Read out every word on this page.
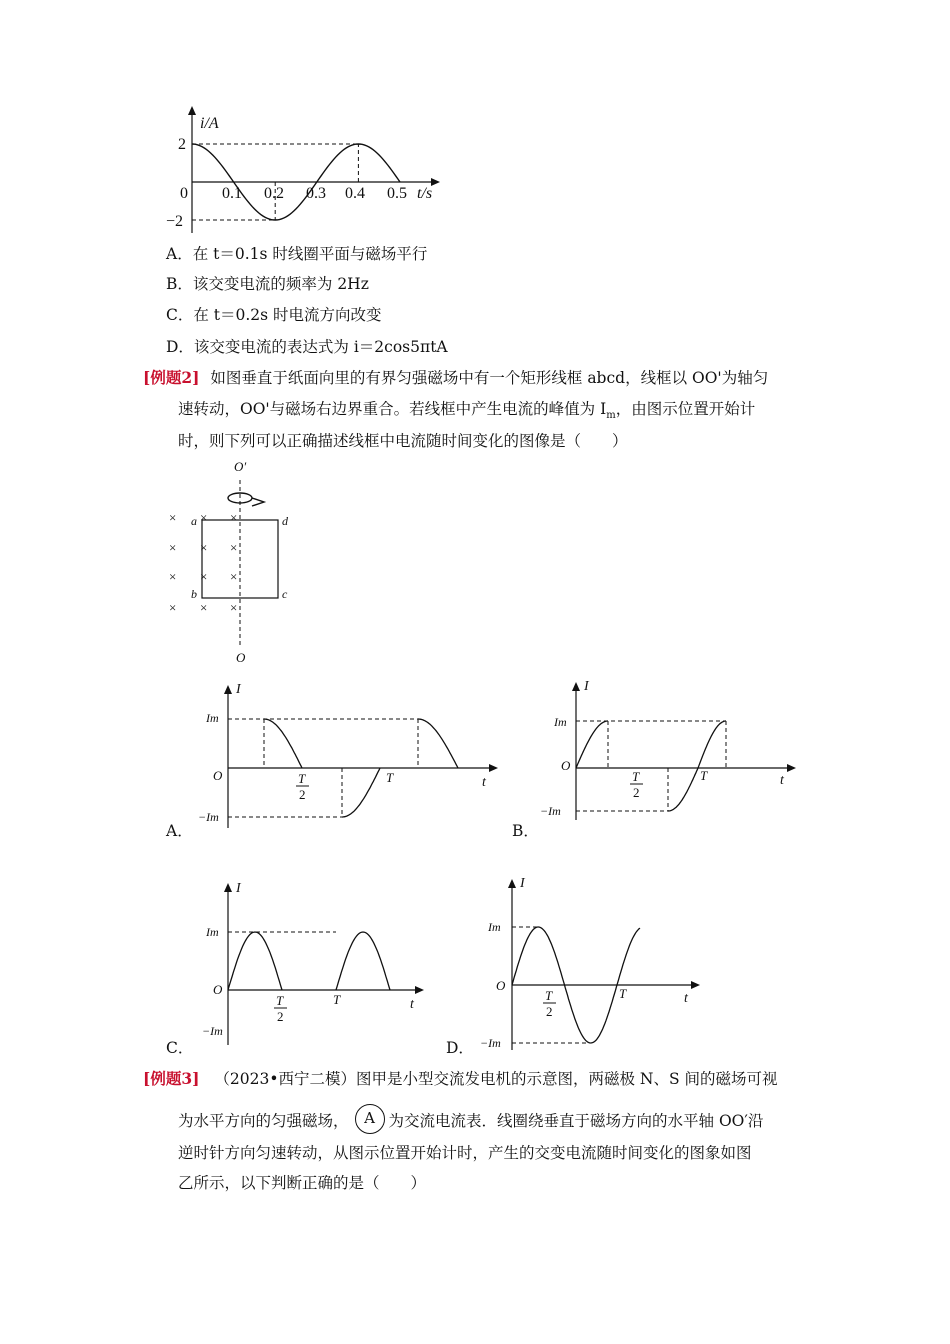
i/A
t/s
0
2
−2
0.1 0.2 0.3 0.4 0.5
A．在 t＝0.1s 时线圈平面与磁场平行
B．该交变电流的频率为 2Hz
C．在 t＝0.2s 时电流方向改变
D．该交变电流的表达式为 i＝2cos5πtA
[例题2] 如图垂直于纸面向里的有界匀强磁场中有一个矩形线框 abcd，线框以 OO'为轴匀
速转动，OO'与磁场右边界重合。若线框中产生电流的峰值为 $I_m$，由图示位置开始计
时，则下列可以正确描述线框中电流随时间变化的图像是（　　）
× × ×
× × ×
× × ×
× × ×
O′
O
a
b	c
d
I
t
O
Im
−Im
T
T
2
I
t
O
Im
−Im
T
T
2
I
t
O
Im
−Im
T
T
2
I
t
O
Im
−Im
T
T
2
A．	B．
C．	D．
[例题3] （2023•西宁二模）图甲是小型交流发电机的示意图，两磁极 N、S 间的磁场可视
为水平方向的匀强磁场， A 为交流电流表．线圈绕垂直于磁场方向的水平轴 OO′沿
逆时针方向匀速转动，从图示位置开始计时，产生的交变电流随时间变化的图象如图
乙所示，以下判断正确的是（　　）
